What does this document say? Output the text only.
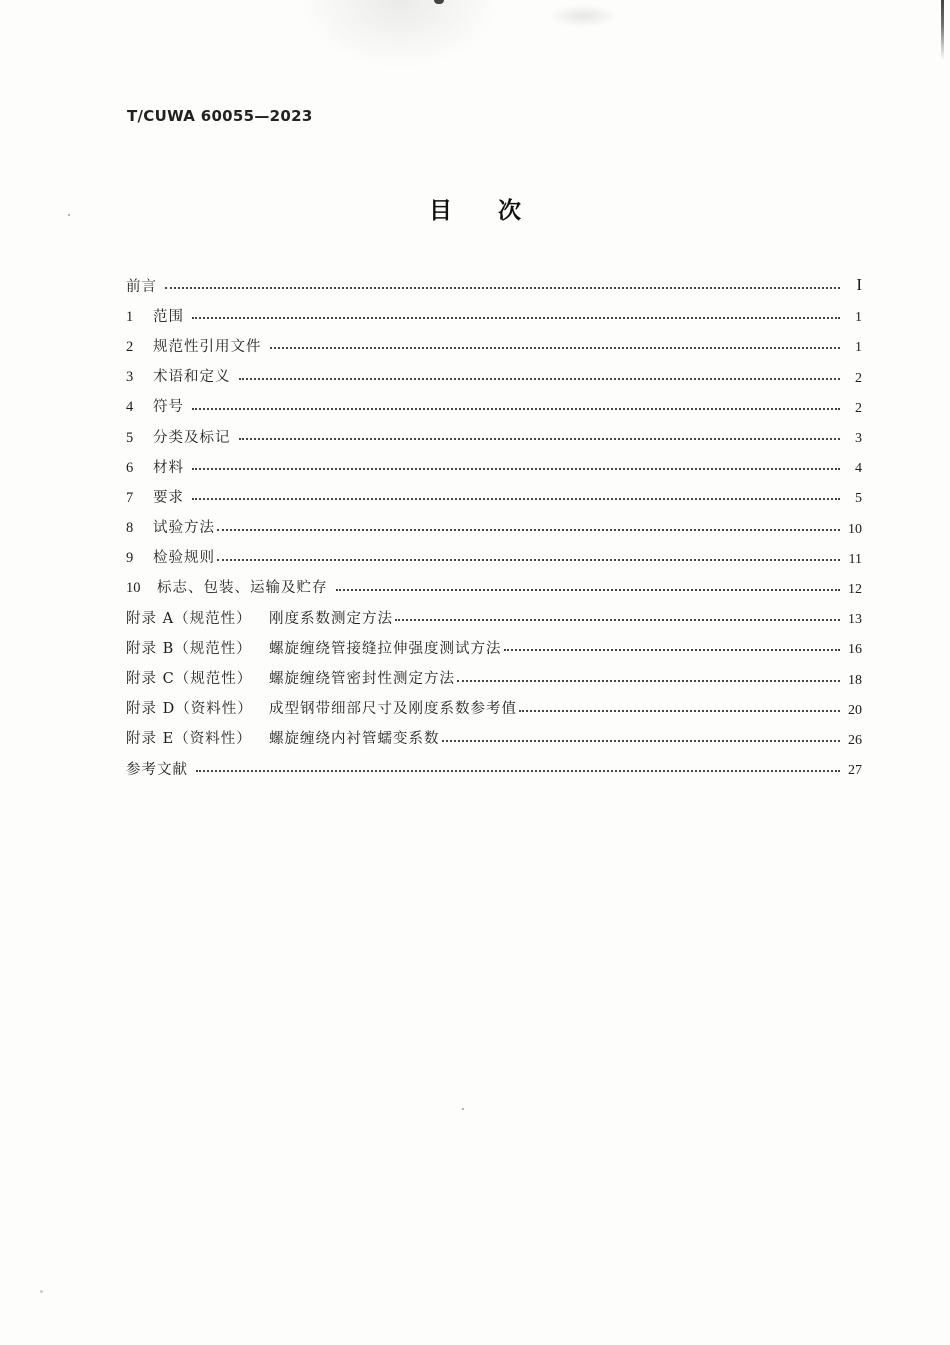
T/CUWA 60055—2023
目次
前言	I
1 范围	1
2 规范性引用文件	1
3 术语和定义	2
4 符号	2
5 分类及标记	3
6 材料	4
7 要求	5
8 试验方法	10
9 检验规则	11
10 标志、包装、运输及贮存	12
附录 A（规范性） 刚度系数测定方法	13
附录 B（规范性） 螺旋缠绕管接缝拉伸强度测试方法	16
附录 C（规范性） 螺旋缠绕管密封性测定方法	18
附录 D（资料性） 成型钢带细部尺寸及刚度系数参考值	20
附录 E（资料性） 螺旋缠绕内衬管蠕变系数	26
参考文献	27
